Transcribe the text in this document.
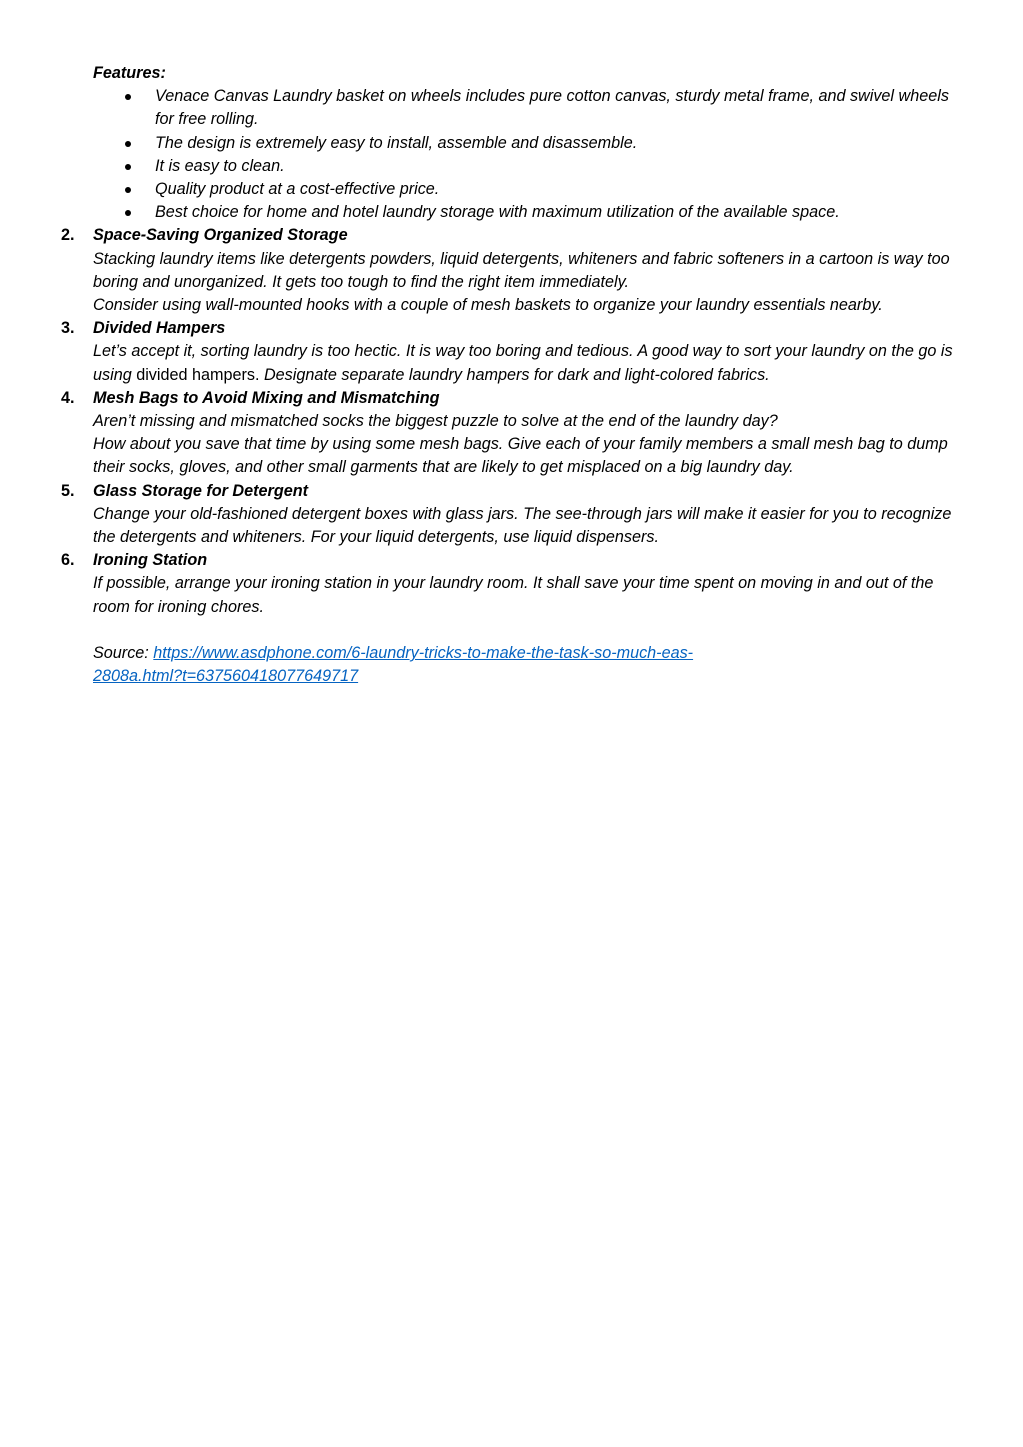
Features:

Venace Canvas Laundry basket on wheels includes pure cotton canvas, sturdy metal frame, and swivel wheels for free rolling.
The design is extremely easy to install, assemble and disassemble.
It is easy to clean.
Quality product at a cost-effective price.
Best choice for home and hotel laundry storage with maximum utilization of the available space.
2. Space-Saving Organized Storage
Stacking laundry items like detergents powders, liquid detergents, whiteners and fabric softeners in a cartoon is way too boring and unorganized. It gets too tough to find the right item immediately.
Consider using wall-mounted hooks with a couple of mesh baskets to organize your laundry essentials nearby.
3. Divided Hampers
Let’s accept it, sorting laundry is too hectic. It is way too boring and tedious. A good way to sort your laundry on the go is using divided hampers. Designate separate laundry hampers for dark and light-colored fabrics.
4. Mesh Bags to Avoid Mixing and Mismatching
Aren’t missing and mismatched socks the biggest puzzle to solve at the end of the laundry day?
How about you save that time by using some mesh bags. Give each of your family members a small mesh bag to dump their socks, gloves, and other small garments that are likely to get misplaced on a big laundry day.
5. Glass Storage for Detergent
Change your old-fashioned detergent boxes with glass jars. The see-through jars will make it easier for you to recognize the detergents and whiteners. For your liquid detergents, use liquid dispensers.
6. Ironing Station
If possible, arrange your ironing station in your laundry room. It shall save your time spent on moving in and out of the room for ironing chores.
Source: https://www.asdphone.com/6-laundry-tricks-to-make-the-task-so-much-eas-
2808a.html?t=637560418077649717
